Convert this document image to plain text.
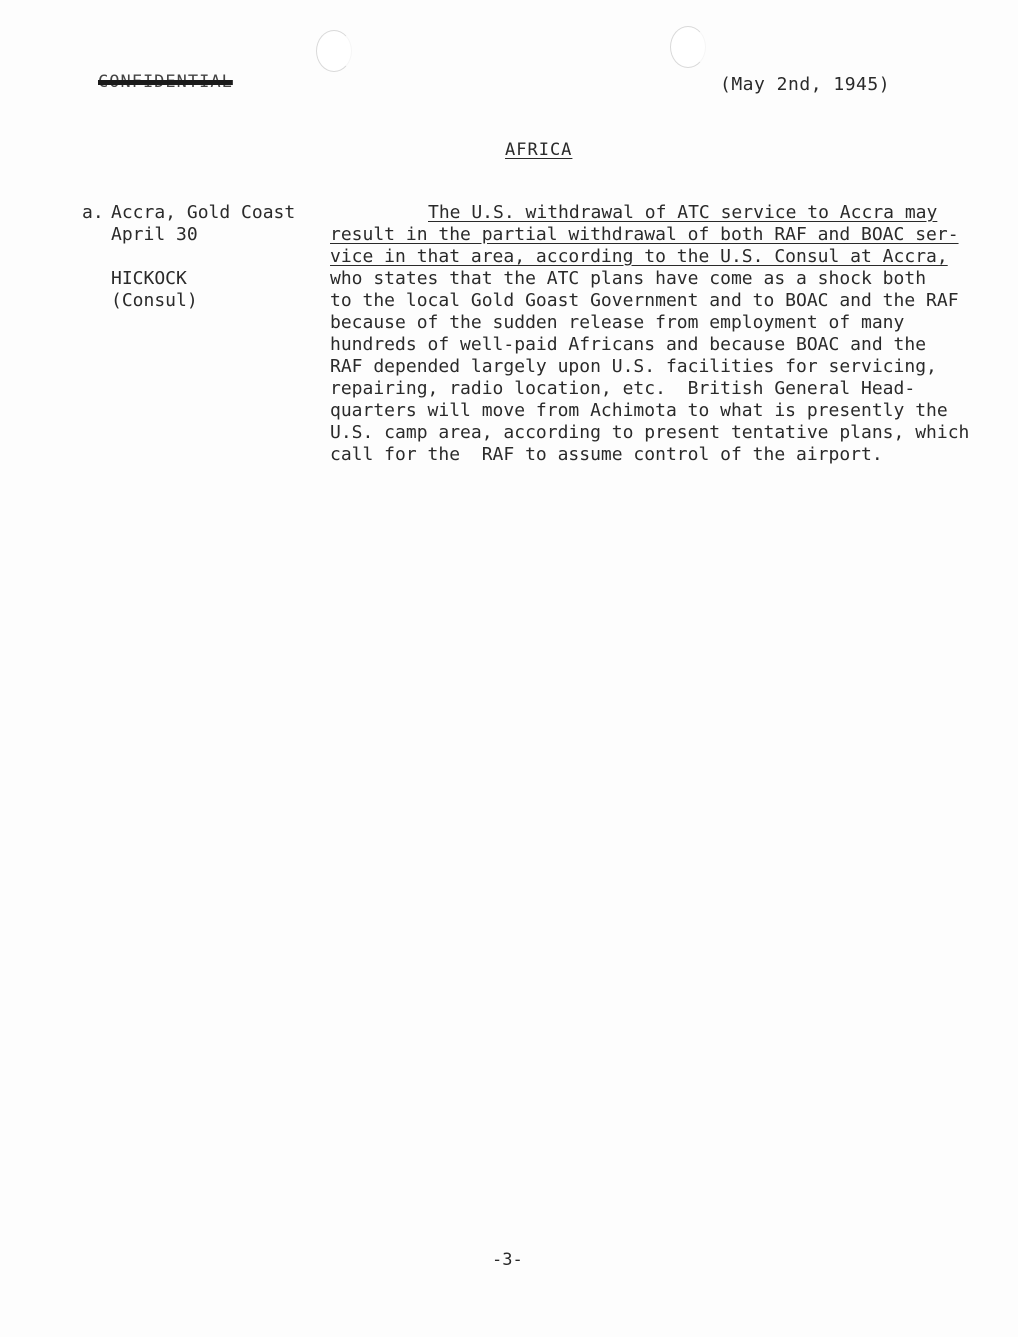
CONFIDENTIAL	(May 2nd, 1945)
AFRICA
a. Accra, Gold Coast
April 30
HICKOCK
(Consul)
The U.S. withdrawal of ATC service to Accra may
result in the partial withdrawal of both RAF and BOAC ser-
vice in that area, according to the U.S. Consul at Accra,
who states that the ATC plans have come as a shock both
to the local Gold Goast Government and to BOAC and the RAF
because of the sudden release from employment of many
hundreds of well-paid Africans and because BOAC and the
RAF depended largely upon U.S. facilities for servicing,
repairing, radio location, etc.  British General Head-
quarters will move from Achimota to what is presently the
U.S. camp area, according to present tentative plans, which
call for the  RAF to assume control of the airport.
-3-
